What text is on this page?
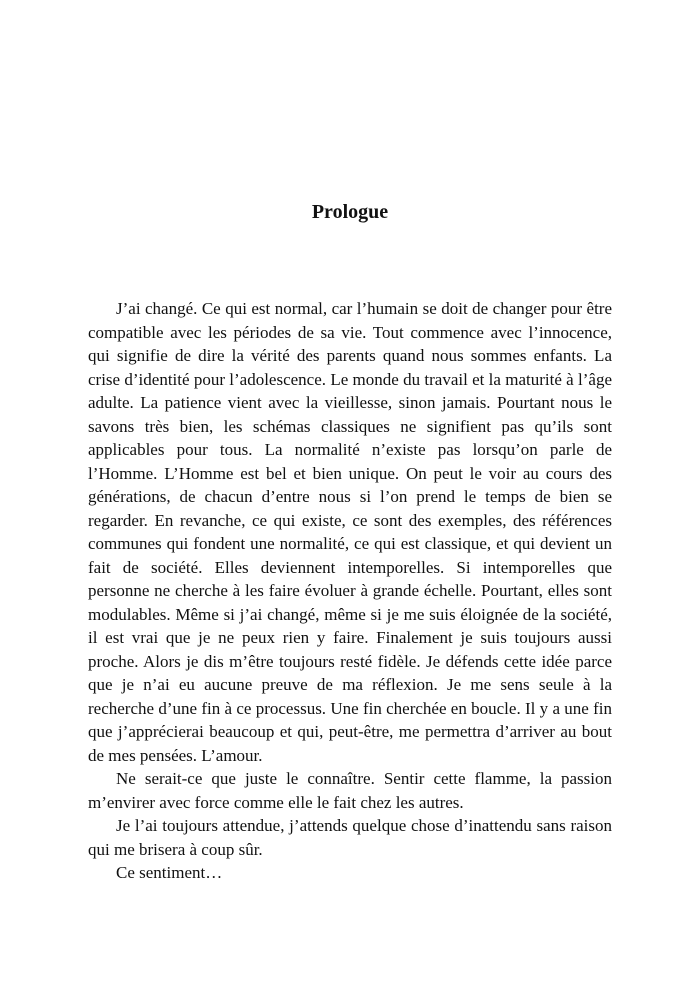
Prologue

J’ai changé. Ce qui est normal, car l’humain se doit de changer pour être compatible avec les périodes de sa vie. Tout commence avec l’innocence, qui signifie de dire la vérité des parents quand nous sommes enfants. La crise d’identité pour l’adolescence. Le monde du travail et la maturité à l’âge adulte. La patience vient avec la vieillesse, sinon jamais. Pourtant nous le savons très bien, les schémas classiques ne signifient pas qu’ils sont applicables pour tous. La normalité n’existe pas lorsqu’on parle de l’Homme. L’Homme est bel et bien unique. On peut le voir au cours des générations, de chacun d’entre nous si l’on prend le temps de bien se regarder. En revanche, ce qui existe, ce sont des exemples, des références communes qui fondent une normalité, ce qui est classique, et qui devient un fait de société. Elles deviennent intemporelles. Si intemporelles que personne ne cherche à les faire évoluer à grande échelle. Pourtant, elles sont modulables. Même si j’ai changé, même si je me suis éloignée de la société, il est vrai que je ne peux rien y faire. Finalement je suis toujours aussi proche. Alors je dis m’être toujours resté fidèle. Je défends cette idée parce que je n’ai eu aucune preuve de ma réflexion. Je me sens seule à la recherche d’une fin à ce processus. Une fin cherchée en boucle. Il y a une fin que j’apprécierai beaucoup et qui, peut-être, me permettra d’arriver au bout de mes pensées. L’amour.

Ne serait-ce que juste le connaître. Sentir cette flamme, la passion m’envirer avec force comme elle le fait chez les autres.

Je l’ai toujours attendue, j’attends quelque chose d’inattendu sans raison qui me brisera à coup sûr.

Ce sentiment…
